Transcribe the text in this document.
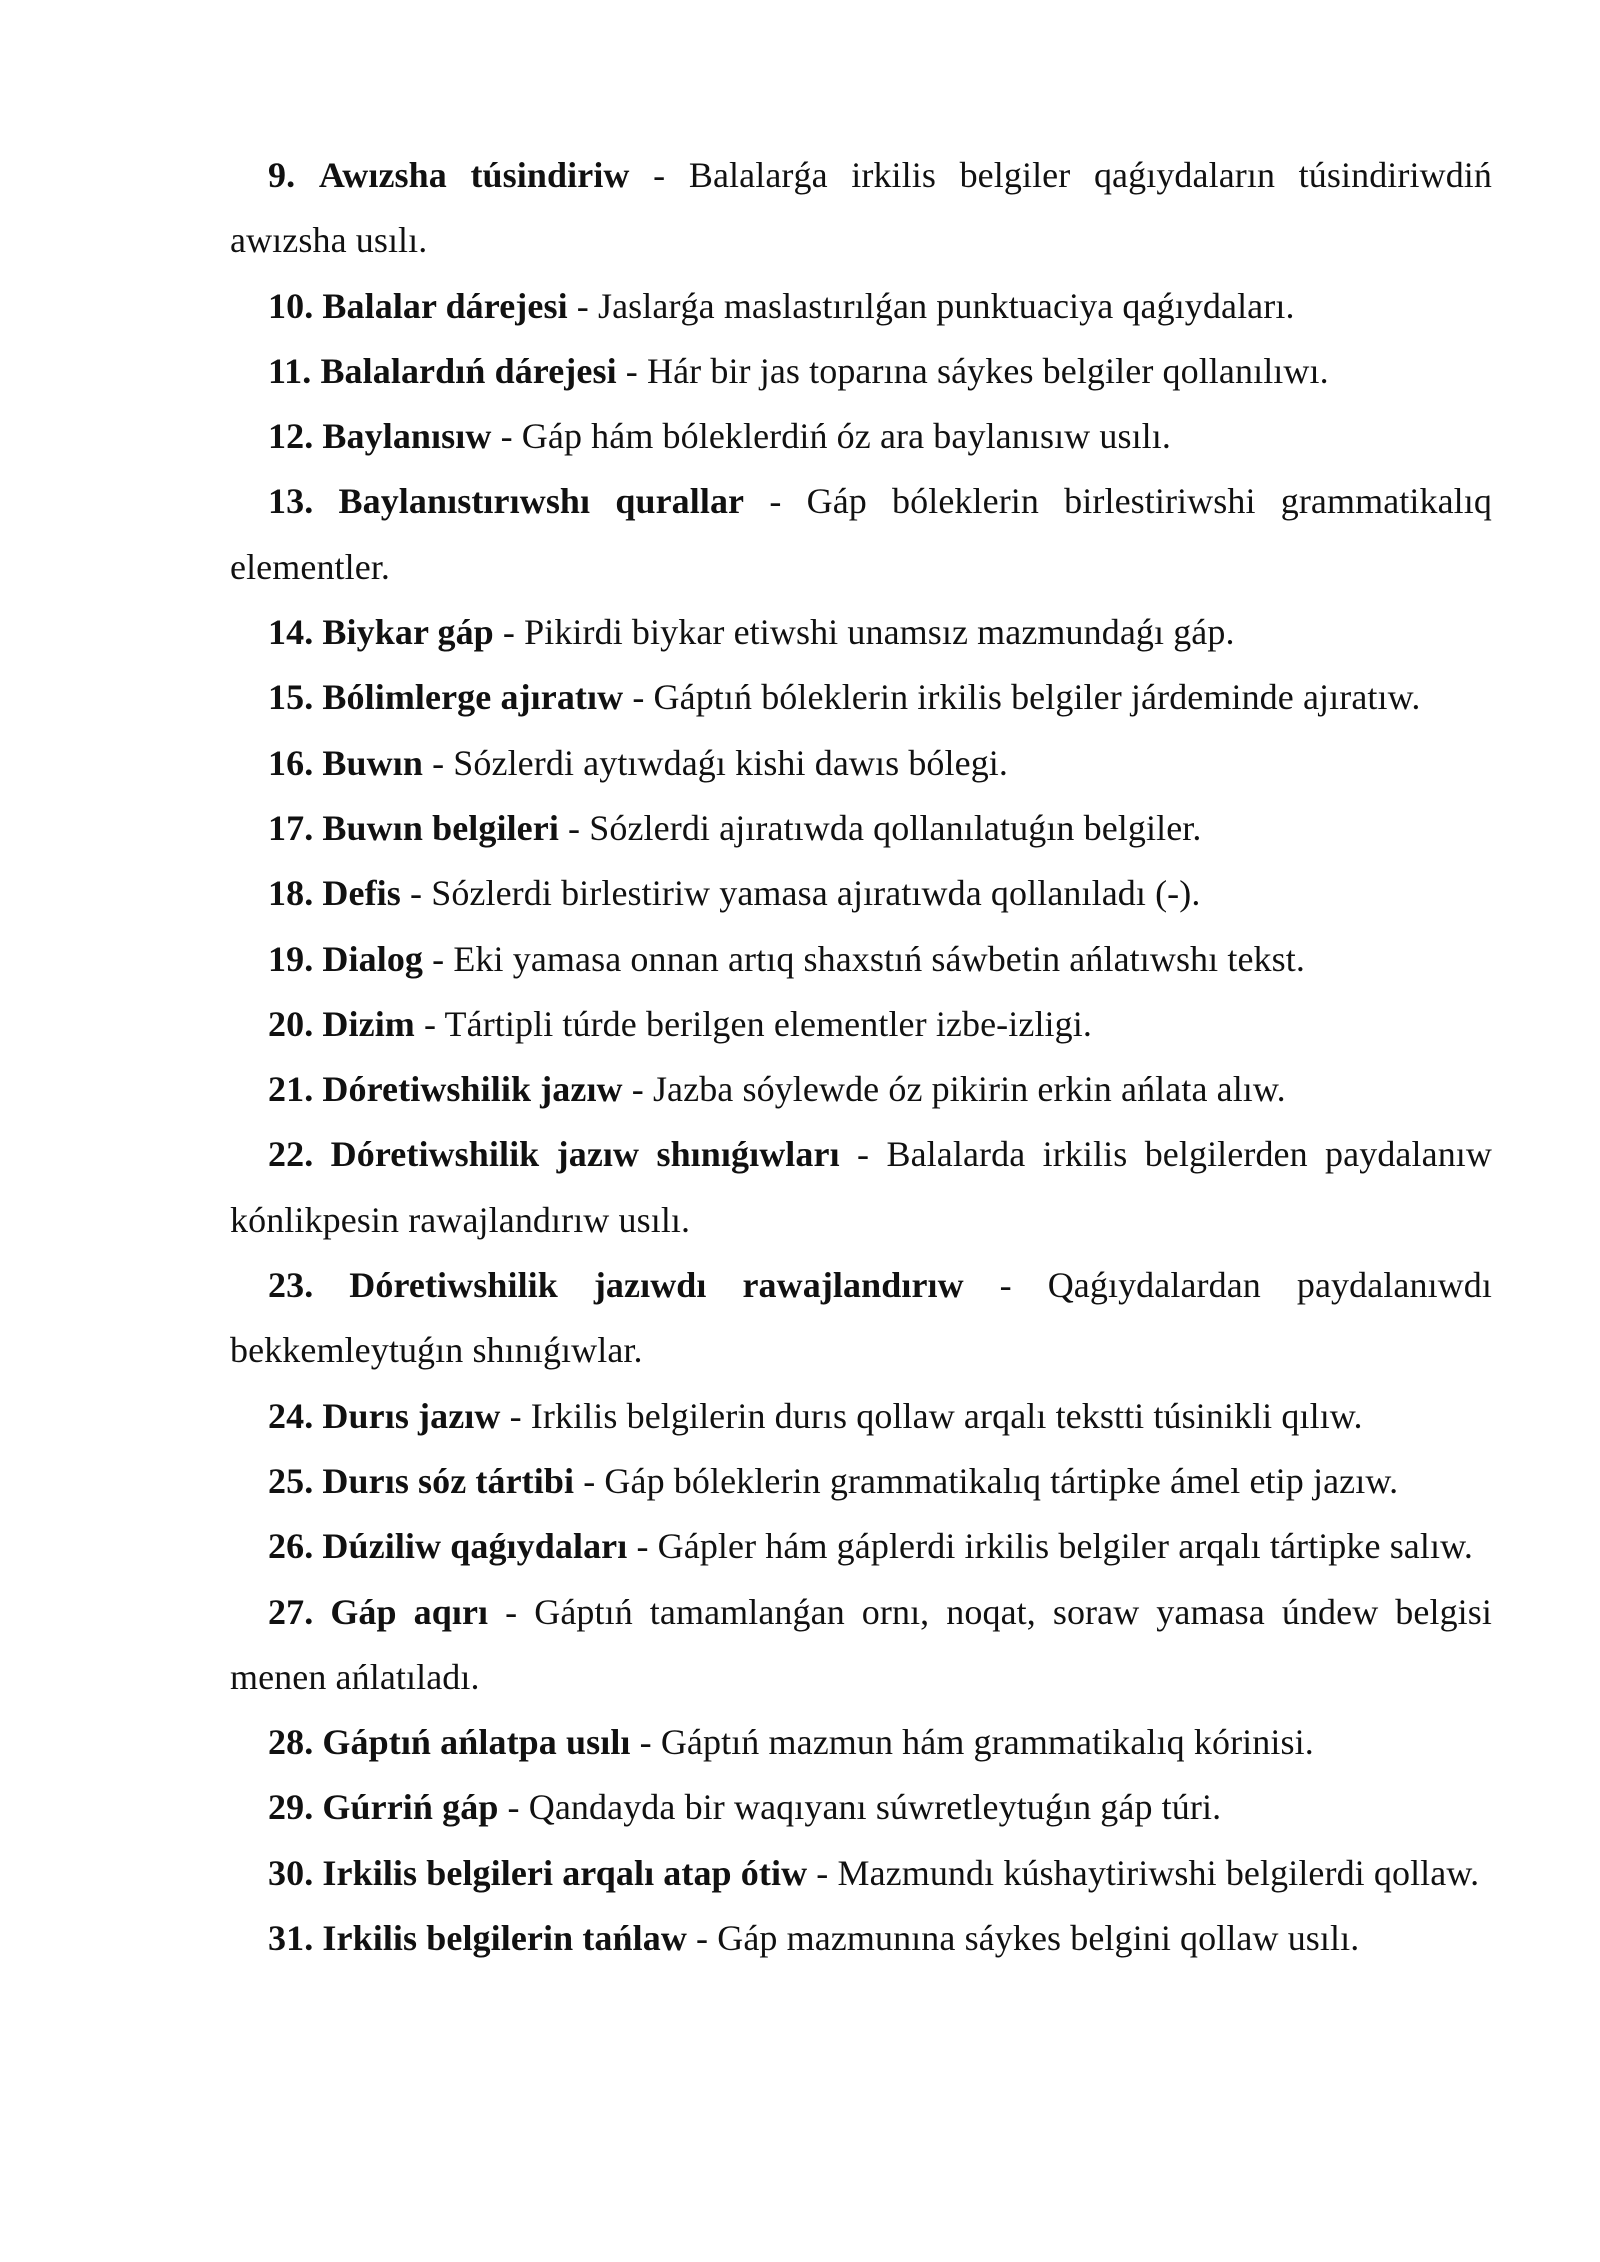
9. Awızsha túsindiriw - Balalarǵa irkilis belgiler qaǵıydaların túsindiriwdiń awızsha usılı.
10. Balalar dárejesi - Jaslarǵa maslastırılǵan punktuaciya qaǵıydaları.
11. Balalardıń dárejesi - Hár bir jas toparına sáykes belgiler qollanılıwı.
12. Baylanısıw - Gáp hám bóleklerdiń óz ara baylanısıw usılı.
13. Baylanıstırıwshı qurallar - Gáp bóleklerin birlestiriwshi grammatikalıq elementler.
14. Biykar gáp - Pikirdi biykar etiwshi unamsız mazmundaǵı gáp.
15. Bólimlerge ajıratıw - Gáptıń bóleklerin irkilis belgiler járdeminde ajıratıw.
16. Buwın - Sózlerdi aytıwdaǵı kishi dawıs bólegi.
17. Buwın belgileri - Sózlerdi ajıratıwda qollanılatuǵın belgiler.
18. Defis - Sózlerdi birlestiriw yamasa ajıratıwda qollanıladı (-).
19. Dialog - Eki yamasa onnan artıq shaxstıń sáwbetin ańlatıwshı tekst.
20. Dizim - Tártipli túrde berilgen elementler izbe-izligi.
21. Dóretiwshilik jazıw - Jazba sóylewde óz pikirin erkin ańlata alıw.
22. Dóretiwshilik jazıw shınıǵıwları - Balalarda irkilis belgilerden paydalanıw kónlikpesin rawajlandırıw usılı.
23. Dóretiwshilik jazıwdı rawajlandırıw - Qaǵıydalardan paydalanıwdı bekkemleytuǵın shınıǵıwlar.
24. Durıs jazıw - Irkilis belgilerin durıs qollaw arqalı tekstti túsinikli qılıw.
25. Durıs sóz tártibi - Gáp bóleklerin grammatikalıq tártipke ámel etip jazıw.
26. Dúziliw qaǵıydaları - Gápler hám gáplerdi irkilis belgiler arqalı tártipke salıw.
27. Gáp aqırı - Gáptıń tamamlanǵan ornı, noqat, soraw yamasa úndew belgisi menen ańlatıladı.
28. Gáptıń ańlatpa usılı - Gáptıń mazmun hám grammatikalıq kórinisi.
29. Gúrriń gáp - Qandayda bir waqıyanı súwretleytuǵın gáp túri.
30. Irkilis belgileri arqalı atap ótiw - Mazmundı kúshaytiriwshi belgilerdi qollaw.
31. Irkilis belgilerin tańlaw - Gáp mazmunına sáykes belgini qollaw usılı.
